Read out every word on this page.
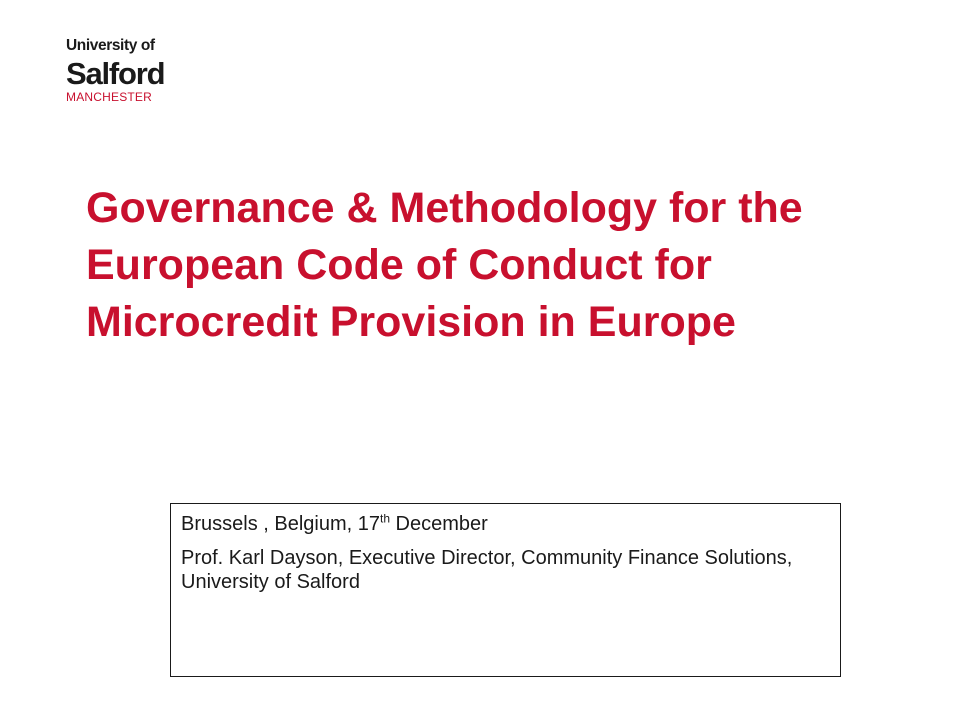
University of
Salford
MANCHESTER
Governance & Methodology for the European Code of Conduct for Microcredit Provision in Europe

Brussels , Belgium, 17th December

Prof. Karl Dayson, Executive Director, Community Finance Solutions, University of Salford
